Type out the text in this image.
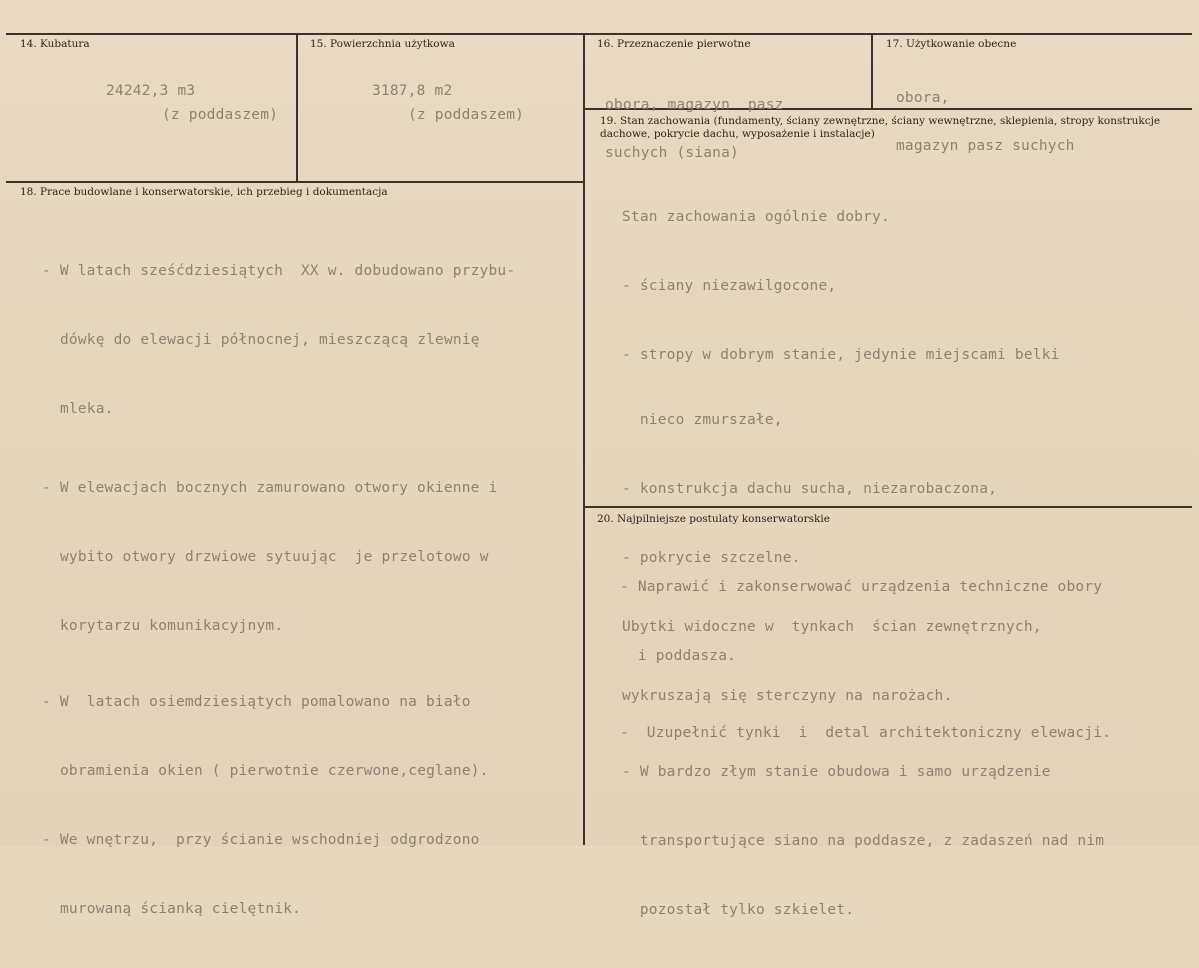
14. Kubatura
24242,3 m3
(z poddaszem)
15. Powierzchnia użytkowa
3187,8 m2
(z poddaszem)
16. Przeznaczenie pierwotne

obora, magazyn  pasz

suchych (siana)

17. Użytkowanie obecne

obora,

magazyn pasz suchych

18. Prace budowlane i konserwatorskie, ich przebieg i dokumentacja

- W latach sześćdziesiątych  XX w. dobudowano przybu-

dówkę do elewacji północnej, mieszczącą zlewnię

mleka.

- W elewacjach bocznych zamurowano otwory okienne i

wybito otwory drzwiowe sytuując  je przelotowo w

korytarzu komunikacyjnym.

- W  latach osiemdziesiątych pomalowano na biało

obramienia okien ( pierwotnie czerwone,ceglane).

- We wnętrzu,  przy ścianie wschodniej odgrodzono

murowaną ścianką cielętnik.

19. Stan zachowania (fundamenty, ściany zewnętrzne, ściany wewnętrzne, sklepienia, stropy konstrukcje dachowe, pokrycie dachu, wyposażenie i instalacje)

Stan zachowania ogólnie dobry.

- ściany niezawilgocone,

- stropy w dobrym stanie, jedynie miejscami belki

nieco zmurszałe,

- konstrukcja dachu sucha, niezarobaczona,

- pokrycie szczelne.

Ubytki widoczne w  tynkach  ścian zewnętrznych,

wykruszają się sterczyny na narożach.

- W bardzo złym stanie obudowa i samo urządzenie

transportujące siano na poddasze, z zadaszeń nad nim

pozostał tylko szkielet.

20. Najpilniejsze postulaty konserwatorskie

- Naprawić i zakonserwować urządzenia techniczne obory

i poddasza.

-  Uzupełnić tynki  i  detal architektoniczny elewacji.
